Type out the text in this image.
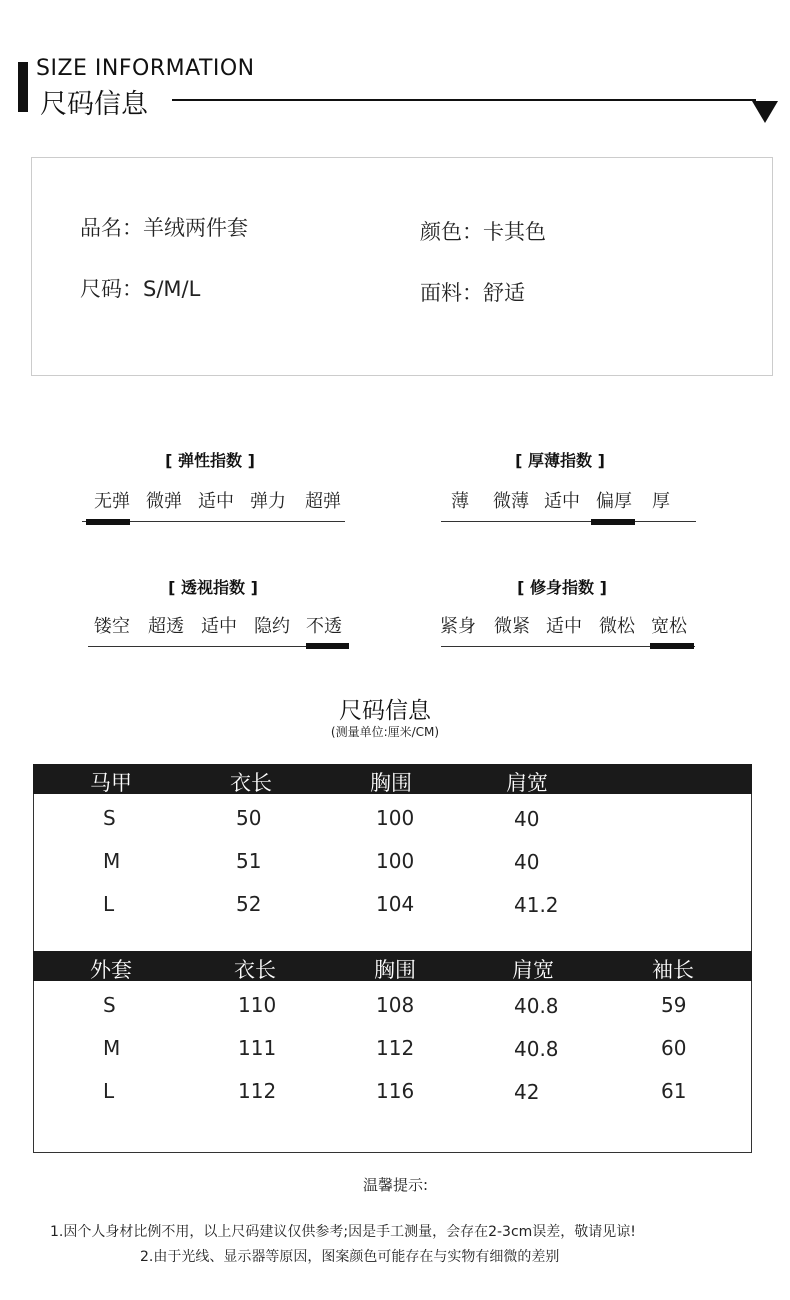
SIZE INFORMATION
尺码信息
品名：羊绒两件套	颜色：卡其色
尺码：S/M/L	面料：舒适
[ 弹性指数 ]
无弹 微弹 适中 弹力 超弹
[ 厚薄指数 ]
薄 微薄 适中 偏厚 厚
[ 透视指数 ]
镂空 超透 适中 隐约 不透
[ 修身指数 ]
紧身 微紧 适中 微松 宽松
尺码信息
(测量单位:厘米/CM)
马甲	衣长	胸围	肩宽
S	50	100	40
M	51	100	40
L	52	104	41.2
外套	衣长	胸围	肩宽	袖长
S	110	108	40.8	59
M	111	112	40.8	60
L	112	116	42	61
温馨提示:
1.因个人身材比例不用，以上尺码建议仅供参考;因是手工测量，会存在2-3cm误差，敬请见谅!
2.由于光线、显示器等原因，图案颜色可能存在与实物有细微的差别
